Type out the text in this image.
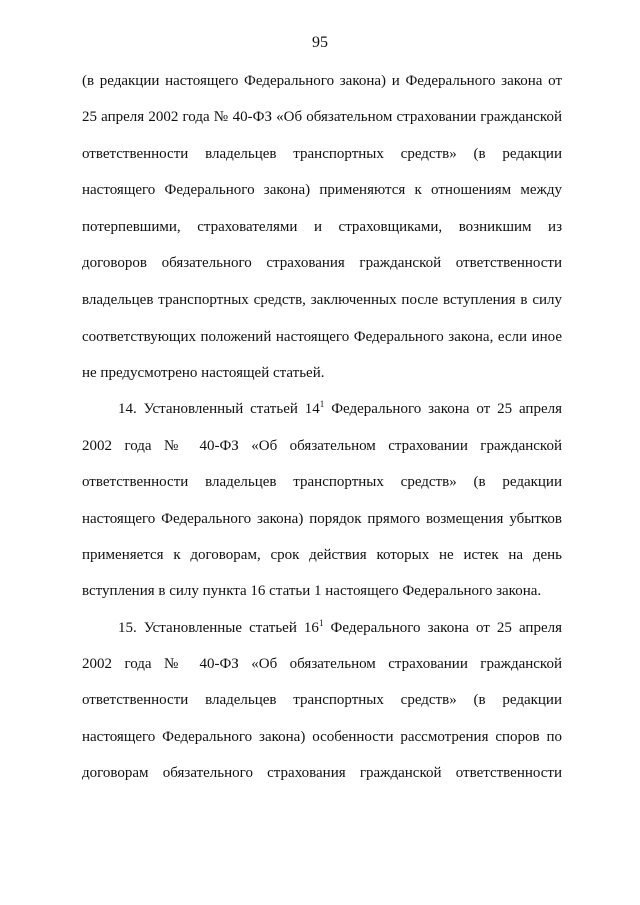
95
(в редакции настоящего Федерального закона) и Федерального закона от
25 апреля 2002 года № 40-ФЗ «Об обязательном страховании гражданской
ответственности владельцев транспортных средств» (в редакции
настоящего Федерального закона) применяются к отношениям между
потерпевшими, страхователями и страховщиками, возникшим из
договоров обязательного страхования гражданской ответственности
владельцев транспортных средств, заключенных после вступления в силу
соответствующих положений настоящего Федерального закона, если иное
не предусмотрено настоящей статьей.
14. Установленный статьей $14^1$ Федерального закона от 25 апреля
2002 года № 40-ФЗ «Об обязательном страховании гражданской
ответственности владельцев транспортных средств» (в редакции
настоящего Федерального закона) порядок прямого возмещения убытков
применяется к договорам, срок действия которых не истек на день
вступления в силу пункта 16 статьи 1 настоящего Федерального закона.
15. Установленные статьей $16^1$ Федерального закона от 25 апреля
2002 года № 40-ФЗ «Об обязательном страховании гражданской
ответственности владельцев транспортных средств» (в редакции
настоящего Федерального закона) особенности рассмотрения споров по
договорам обязательного страхования гражданской ответственности
